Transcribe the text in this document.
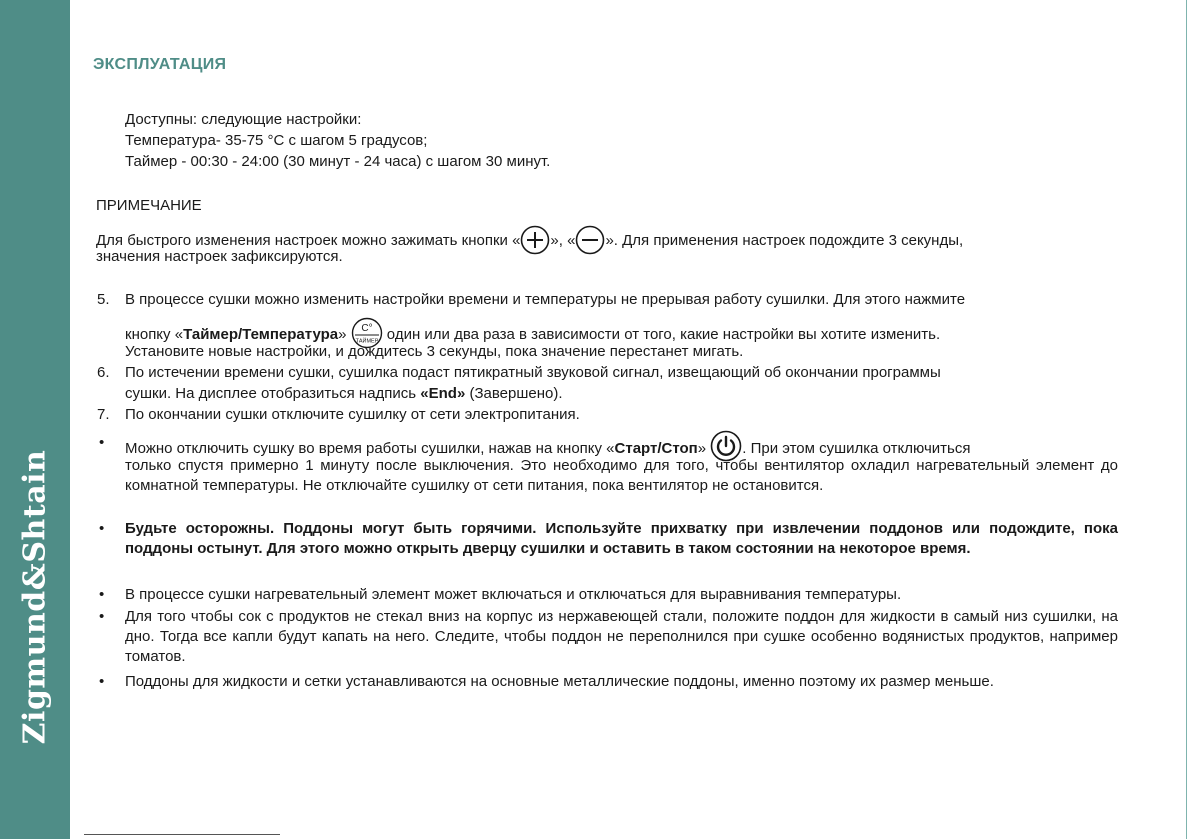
Zigmund&Shtain
ЭКСПЛУАТАЦИЯ
Доступны: следующие настройки:
Температура- 35-75 °С с шагом 5 градусов;
Таймер - 00:30 - 24:00 (30 минут - 24 часа) с шагом 30 минут.
ПРИМЕЧАНИЕ
Для быстрого изменения настроек можно зажимать кнопки « », « ». Для применения настроек подождите 3 секунды,
значения настроек зафиксируются.
5. В процессе сушки можно изменить настройки времени и температуры не прерывая работу сушилки. Для этого нажмите
кнопку «Таймер/Температура» C°
ТАЙМЕР один или два раза в зависимости от того, какие настройки вы хотите изменить.
Установите новые настройки, и дождитесь 3 секунды, пока значение перестанет мигать.
6. По истечении времени сушки, сушилка подаст пятикратный звуковой сигнал, извещающий об окончании программы
сушки. На дисплее отобразиться надпись «End» (Завершено).
7. По окончании сушки отключите сушилку от сети электропитания.
• Можно отключить сушку во время работы сушилки, нажав на кнопку «Старт/Стоп»
. При этом сушилка отключиться
только спустя примерно 1 минуту после выключения. Это необходимо для того, чтобы вентилятор охладил нагревательный элемент до комнатной температуры. Не отключайте сушилку от сети питания, пока вентилятор не остановится.
• Будьте осторожны. Поддоны могут быть горячими. Используйте прихватку при извлечении поддонов или подождите, пока поддоны остынут. Для этого можно открыть дверцу сушилки и оставить в таком состоянии на некоторое время.
• В процессе сушки нагревательный элемент может включаться и отключаться для выравнивания температуры.
• Для того чтобы сок с продуктов не стекал вниз на корпус из нержавеющей стали, положите поддон для жидкости в самый низ сушилки, на дно. Тогда все капли будут капать на него. Следите, чтобы поддон не переполнился при сушке особенно водянистых продуктов, например томатов.
• Поддоны для жидкости и сетки устанавливаются на основные металлические поддоны, именно поэтому их размер меньше.
